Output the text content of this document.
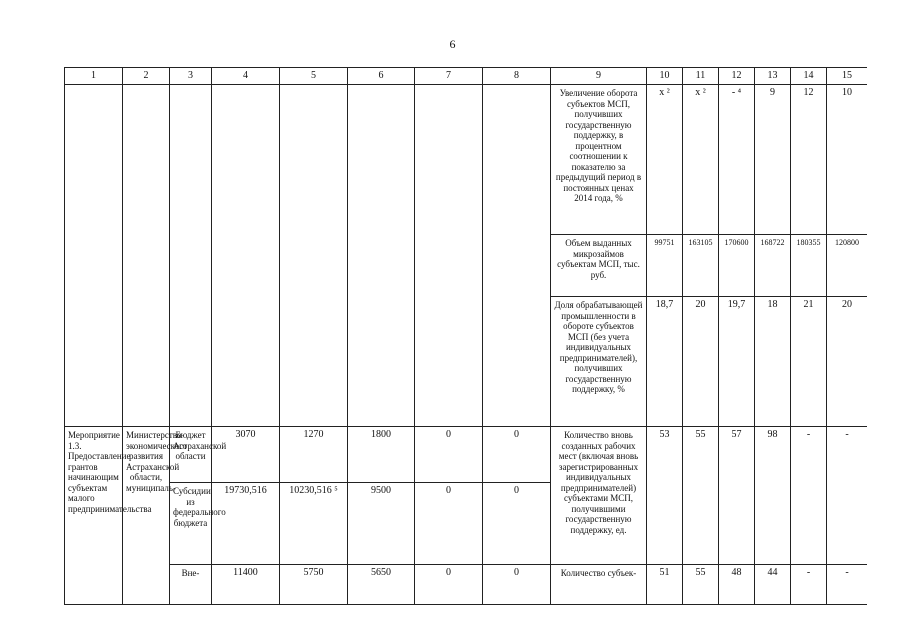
6
1	2	3	4	5	6	7	8	9	10	11	12	13	14	15
								Увеличение оборота субъектов МСП, получивших государственную поддержку, в процентном соотношении к показателю за предыдущий период в постоянных ценах 2014 года, %	x ²	x ²	- ⁴	9	12	10
								Объем выданных микрозаймов субъектам МСП, тыс. руб.	99751	163105	170600	168722	180355	120800
								Доля обрабатывающей промышленности в обороте субъектов МСП (без учета индивидуальных предпринимателей), получивших государственную поддержку, %	18,7	20	19,7	18	21	20
Мероприятие 1.3. Предоставление грантов начинающим субъектам малого предпринимательства	Министерство экономического развития Астраханской области, муниципаль-	Бюджет Астраханской области	3070	1270	1800	0	0	Количество вновь созданных рабочих мест (включая вновь зарегистрированных индивидуальных предпринимателей) субъектами МСП, получившими государственную поддержку, ед.	53	55	57	98	-	-
		Субсидии из федерального бюджета	19730,516	10230,516 ⁵	9500	0	0							
		Вне-	11400	5750	5650	0	0	Количество субъек-	51	55	48	44	-	-
